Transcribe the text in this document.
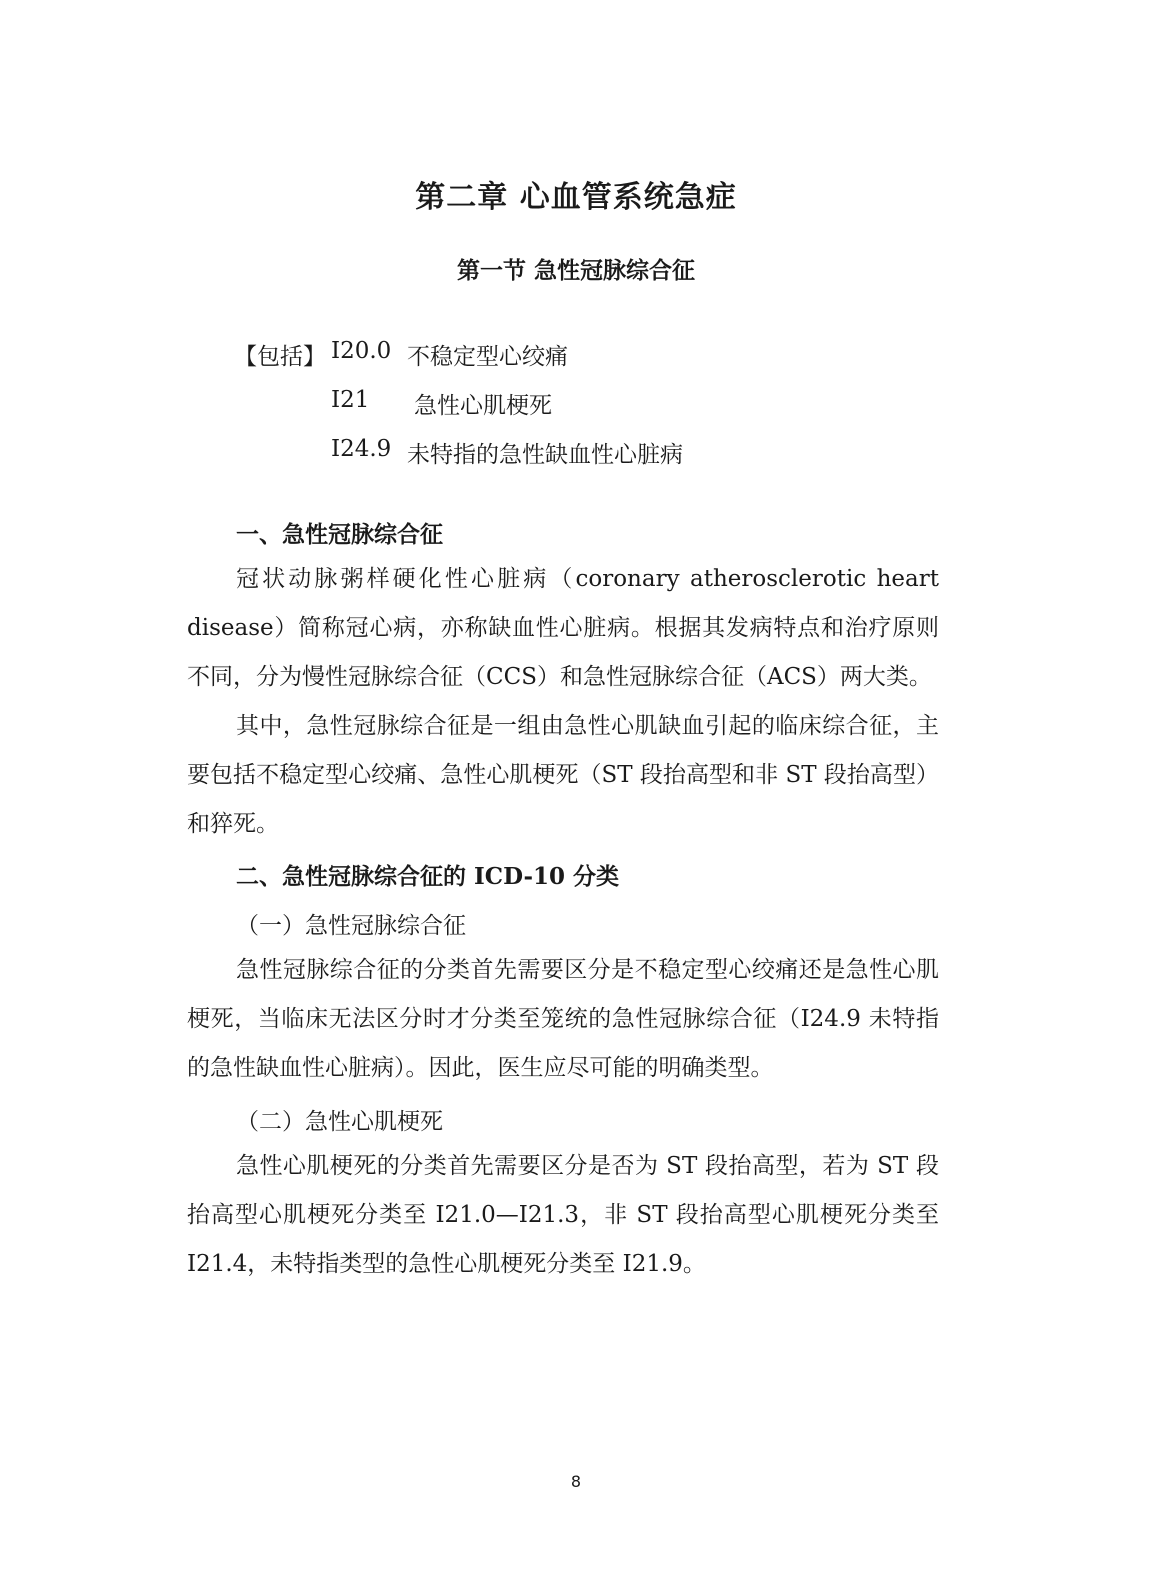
第二章 心血管系统急症
第一节 急性冠脉综合征
【包括】 I20.0 不稳定型心绞痛
I21 急性心肌梗死
I24.9 未特指的急性缺血性心脏病
一、急性冠脉综合征

冠状动脉粥样硬化性心脏病（coronary atherosclerotic heart disease）简称冠心病，亦称缺血性心脏病。根据其发病特点和治疗原则不同，分为慢性冠脉综合征（CCS）和急性冠脉综合征（ACS）两大类。

其中，急性冠脉综合征是一组由急性心肌缺血引起的临床综合征，主要包括不稳定型心绞痛、急性心肌梗死（ST 段抬高型和非 ST 段抬高型）和猝死。

二、急性冠脉综合征的 ICD-10 分类
（一）急性冠脉综合征

急性冠脉综合征的分类首先需要区分是不稳定型心绞痛还是急性心肌梗死，当临床无法区分时才分类至笼统的急性冠脉综合征（I24.9 未特指的急性缺血性心脏病）。因此，医生应尽可能的明确类型。

（二）急性心肌梗死

急性心肌梗死的分类首先需要区分是否为 ST 段抬高型，若为 ST 段抬高型心肌梗死分类至 I21.0—I21.3，非 ST 段抬高型心肌梗死分类至 I21.4，未特指类型的急性心肌梗死分类至 I21.9。

8
